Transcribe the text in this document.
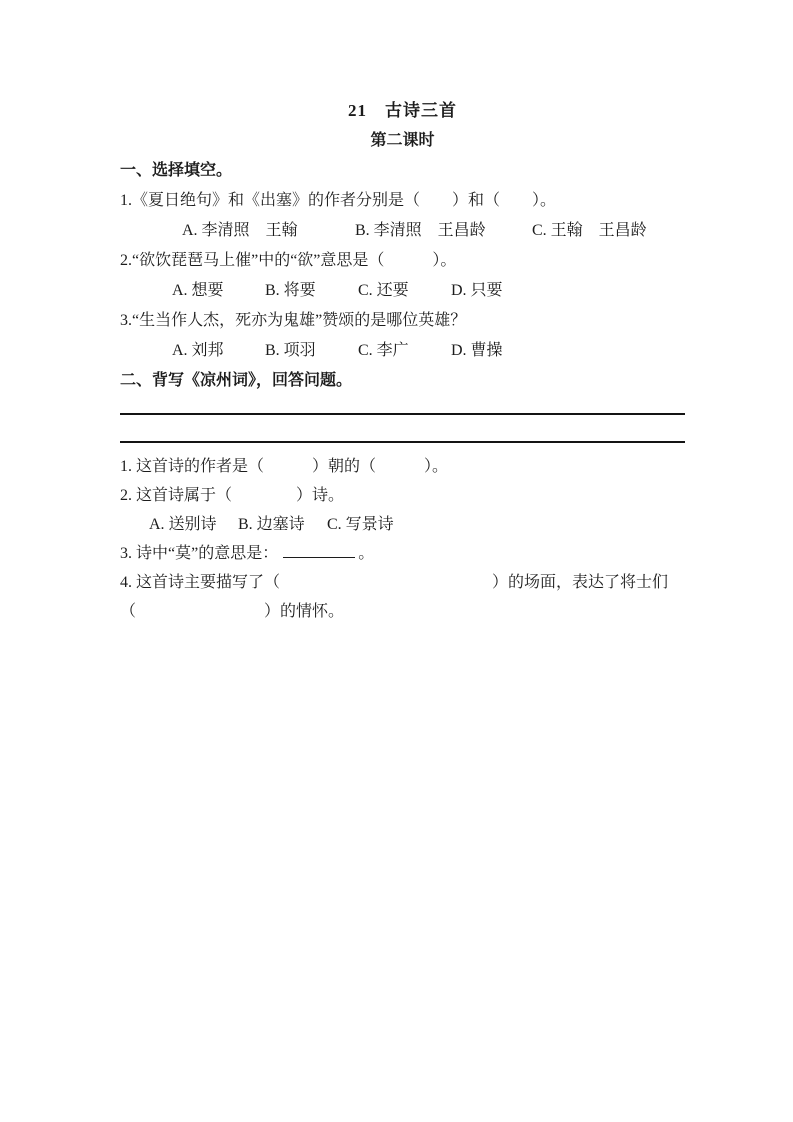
21　古诗三首
第二课时
一、选择填空。
1.《夏日绝句》和《出塞》的作者分别是（　　）和（　　）。
A. 李清照　王翰	B. 李清照　王昌龄	C. 王翰　王昌龄
2.“欲饮琵琶马上催”中的“欲”意思是（　　　）。
A. 想要	B. 将要	C. 还要	D. 只要
3.“生当作人杰，死亦为鬼雄”赞颂的是哪位英雄？
A. 刘邦	B. 项羽	C. 李广	D. 曹操
二、背写《凉州词》，回答问题。
1. 这首诗的作者是（　　　）朝的（　　　）。
2. 这首诗属于（　　　　）诗。
A. 送别诗 B. 边塞诗 C. 写景诗
3. 诗中“莫”的意思是：	。
4. 这首诗主要描写了（	）的场面，表达了将士们
（	）的情怀。
